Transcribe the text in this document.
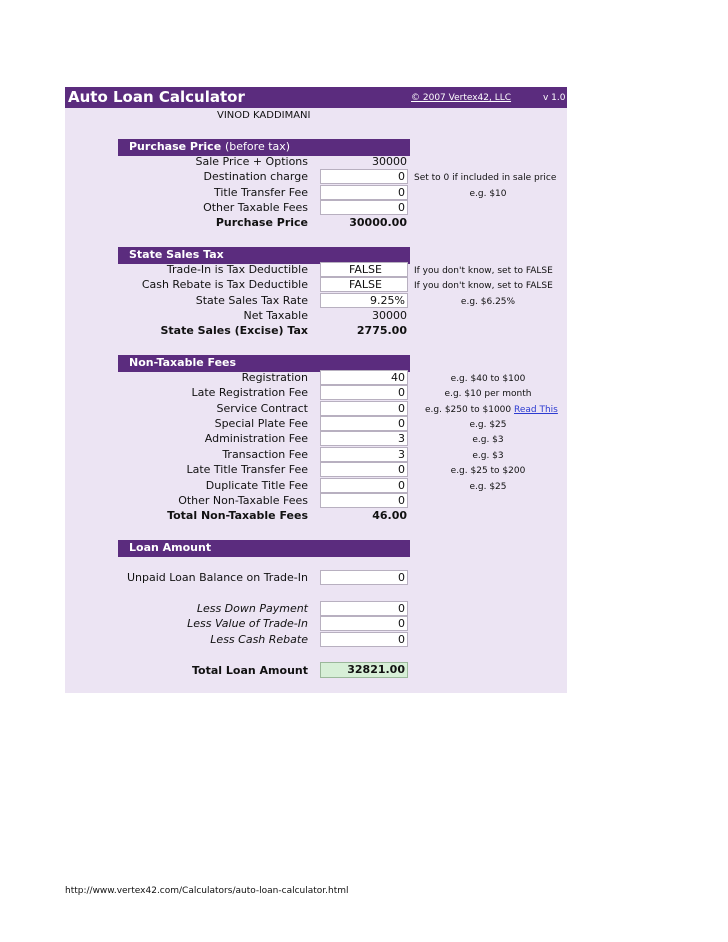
Auto Loan Calculator	© 2007 Vertex42, LLC	v 1.0
VINOD KADDIMANI
Purchase Price (before tax)
Sale Price + Options	30000
Destination charge	0	Set to 0 if included in sale price
Title Transfer Fee	0	e.g. $10
Other Taxable Fees	0
Purchase Price	30000.00
State Sales Tax
Trade-In is Tax Deductible	FALSE	If you don't know, set to FALSE
Cash Rebate is Tax Deductible	FALSE	If you don't know, set to FALSE
State Sales Tax Rate	9.25%	e.g. $6.25%
Net Taxable	30000
State Sales (Excise) Tax	2775.00
Non-Taxable Fees
Registration	40	e.g. $40 to $100
Late Registration Fee	0	e.g. $10 per month
Service Contract	0	e.g. $250 to $1000 Read This
Special Plate Fee	0	e.g. $25
Administration Fee	3	e.g. $3
Transaction Fee	3	e.g. $3
Late Title Transfer Fee	0	e.g. $25 to $200
Duplicate Title Fee	0	e.g. $25
Other Non-Taxable Fees	0
Total Non-Taxable Fees	46.00
Loan Amount
Unpaid Loan Balance on Trade-In	0
Less Down Payment	0
Less Value of Trade-In	0
Less Cash Rebate	0
Total Loan Amount	32821.00
http://www.vertex42.com/Calculators/auto-loan-calculator.html
